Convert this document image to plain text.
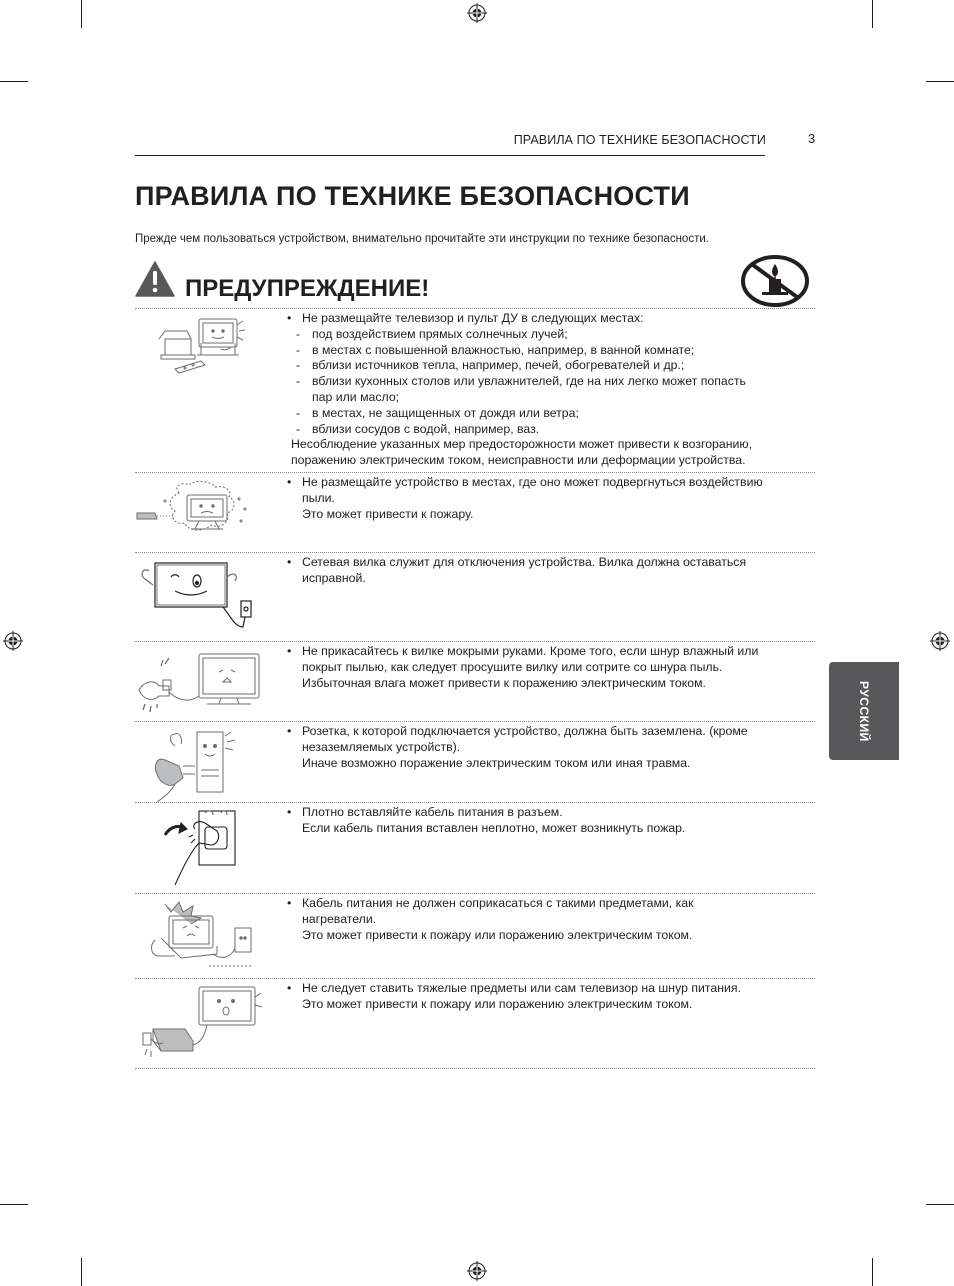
ПРАВИЛА ПО ТЕХНИКЕ БЕЗОПАСНОСТИ	3
ПРАВИЛА ПО ТЕХНИКЕ БЕЗОПАСНОСТИ
Прежде чем пользоваться устройством, внимательно прочитайте эти инструкции по технике безопасности.
ПРЕДУПРЕЖДЕНИЕ!
• Не размещайте телевизор и пульт ДУ в следующих местах:
- под воздействием прямых солнечных лучей;
- в местах с повышенной влажностью, например, в ванной комнате;
- вблизи источников тепла, например, печей, обогревателей и др.;
- вблизи кухонных столов или увлажнителей, где на них легко может попасть
пар или масло;
- в местах, не защищенных от дождя или ветра;
- вблизи сосудов с водой, например, ваз.
Несоблюдение указанных мер предосторожности может привести к возгоранию,
поражению электрическим током, неисправности или деформации устройства.
• Не размещайте устройство в местах, где оно может подвергнуться воздействию
пыли.
Это может привести к пожару.
• Сетевая вилка служит для отключения устройства. Вилка должна оставаться
исправной.
• Не прикасайтесь к вилке мокрыми руками. Кроме того, если шнур влажный или
покрыт пылью, как следует просушите вилку или сотрите со шнура пыль.
Избыточная влага может привести к поражению электрическим током.
• Розетка, к которой подключается устройство, должна быть заземлена. (кроме
незаземляемых устройств).
Иначе возможно поражение электрическим током или иная травма.
• Плотно вставляйте кабель питания в разъем.
Если кабель питания вставлен неплотно, может возникнуть пожар.
• Кабель питания не должен соприкасаться с такими предметами, как
нагреватели.
Это может привести к пожару или поражению электрическим током.
• Не следует ставить тяжелые предметы или сам телевизор на шнур питания.
Это может привести к пожару или поражению электрическим током.
РУССКИЙ
